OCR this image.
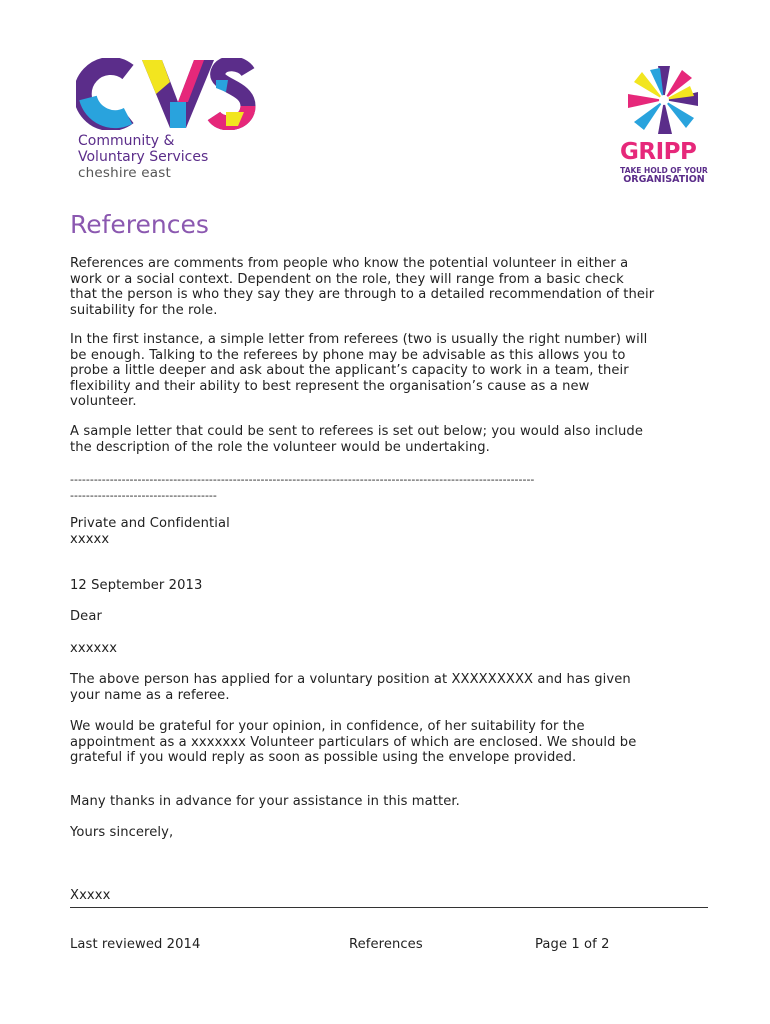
Community &
Voluntary Services
cheshire east
GRIPP
TAKE HOLD OF YOUR
ORGANISATION
References
References are comments from people who know the potential volunteer in either a
work or a social context. Dependent on the role, they will range from a basic check
that the person is who they say they are through to a detailed recommendation of their
suitability for the role.
In the first instance, a simple letter from referees (two is usually the right number) will
be enough. Talking to the referees by phone may be advisable as this allows you to
probe a little deeper and ask about the applicant’s capacity to work in a team, their
flexibility and their ability to best represent the organisation’s cause as a new
volunteer.
A sample letter that could be sent to referees is set out below; you would also include
the description of the role the volunteer would be undertaking.
---------------------------------------------------------------------------------------------------------------------
-------------------------------------
Private and Confidential
xxxxx
12 September 2013
Dear
xxxxxx
The above person has applied for a voluntary position at XXXXXXXXX and has given
your name as a referee.
We would be grateful for your opinion, in confidence, of her suitability for the
appointment as a xxxxxxx Volunteer particulars of which are enclosed. We should be
grateful if you would reply as soon as possible using the envelope provided.
Many thanks in advance for your assistance in this matter.
Yours sincerely,
Xxxxx
Last reviewed 2014	References	Page 1 of 2
